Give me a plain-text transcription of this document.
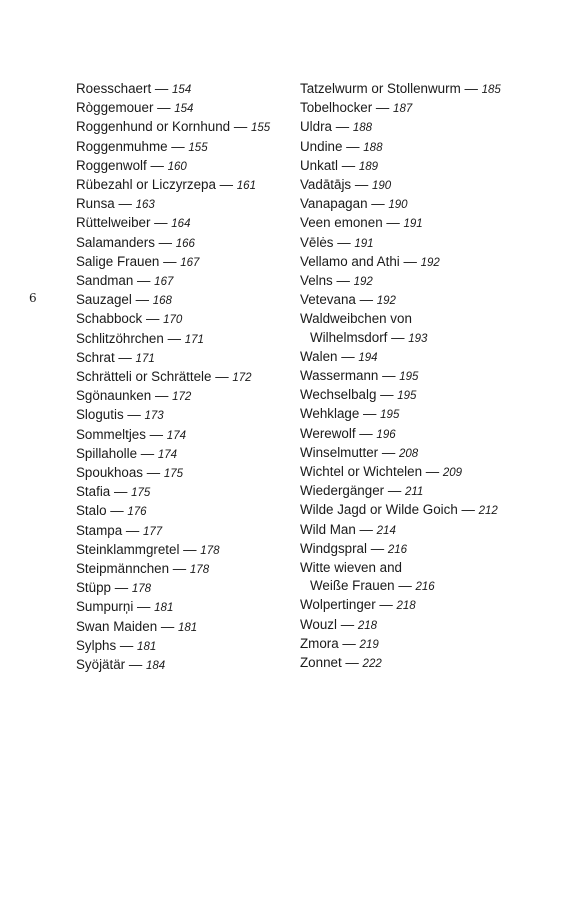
6
Roesschaert — 154
Ròggemouer — 154
Roggenhund or Kornhund — 155
Roggenmuhme — 155
Roggenwolf — 160
Rübezahl or Liczyrzepa — 161
Runsa — 163
Rüttelweiber — 164
Salamanders — 166
Salige Frauen — 167
Sandman — 167
Sauzagel — 168
Schabbock — 170
Schlitzöhrchen — 171
Schrat — 171
Schrätteli or Schrättele — 172
Sgönaunken — 172
Slogutis — 173
Sommeltjes — 174
Spillaholle — 174
Spoukhoas — 175
Stafia — 175
Stalo — 176
Stampa — 177
Steinklammgretel — 178
Steipmännchen — 178
Stüpp — 178
Sumpurņi — 181
Swan Maiden — 181
Sylphs — 181
Syöjätär — 184
Tatzelwurm or Stollenwurm — 185
Tobelhocker — 187
Uldra — 188
Undine — 188
Unkatl — 189
Vadātājs — 190
Vanapagan — 190
Veen emonen — 191
Vēlės — 191
Vellamo and Athi — 192
Velns — 192
Vetevana — 192
Waldweibchen von
Wilhelmsdorf — 193
Walen — 194
Wassermann — 195
Wechselbalg — 195
Wehklage — 195
Werewolf — 196
Winselmutter — 208
Wichtel or Wichtelen — 209
Wiedergänger — 211
Wilde Jagd or Wilde Goich — 212
Wild Man — 214
Windgspral — 216
Witte wieven and
Weiße Frauen — 216
Wolpertinger — 218
Wouzl — 218
Zmora — 219
Zonnet — 222
